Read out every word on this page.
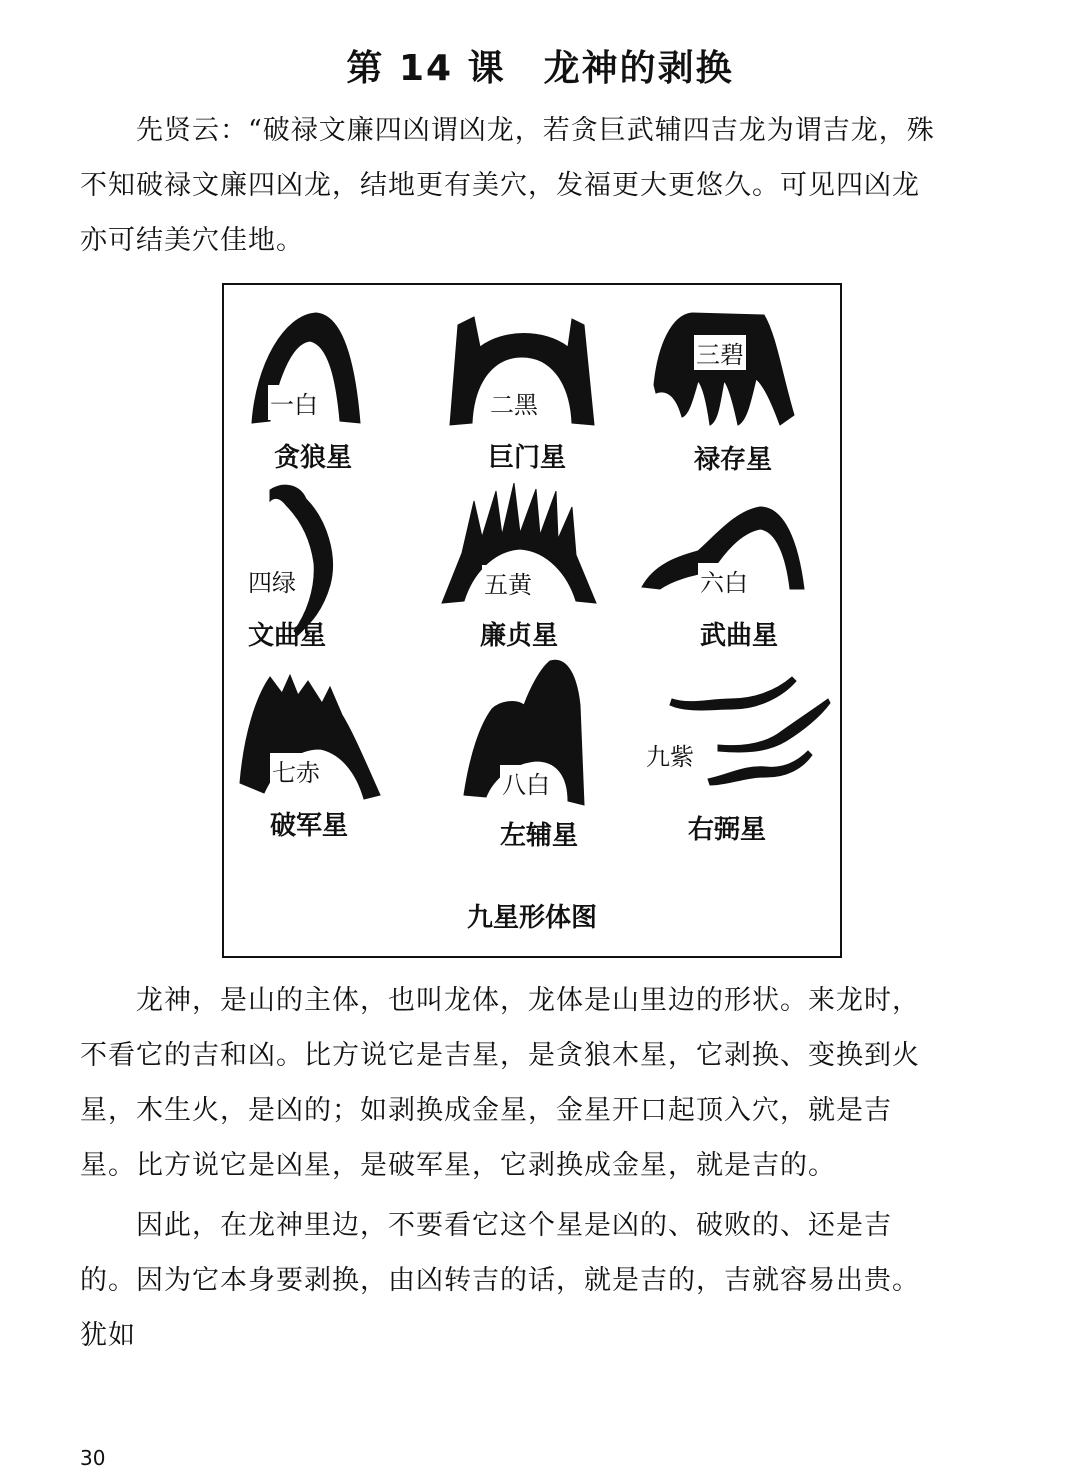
第 14 课　龙神的剥换

先贤云：“破禄文廉四凶谓凶龙，若贪巨武辅四吉龙为谓吉龙，殊不知破禄文廉四凶龙，结地更有美穴，发福更大更悠久。可见四凶龙亦可结美穴佳地。

一白
贪狼星
二黑
巨门星
三碧
禄存星
四绿
文曲星
五黄
廉贞星
六白
武曲星
七赤
破军星
八白
左辅星
九紫
右弼星
九星形体图

龙神，是山的主体，也叫龙体，龙体是山里边的形状。来龙时，不看它的吉和凶。比方说它是吉星，是贪狼木星，它剥换、变换到火星，木生火，是凶的；如剥换成金星，金星开口起顶入穴，就是吉星。比方说它是凶星，是破军星，它剥换成金星，就是吉的。

因此，在龙神里边，不要看它这个星是凶的、破败的、还是吉的。因为它本身要剥换，由凶转吉的话，就是吉的，吉就容易出贵。犹如

30
